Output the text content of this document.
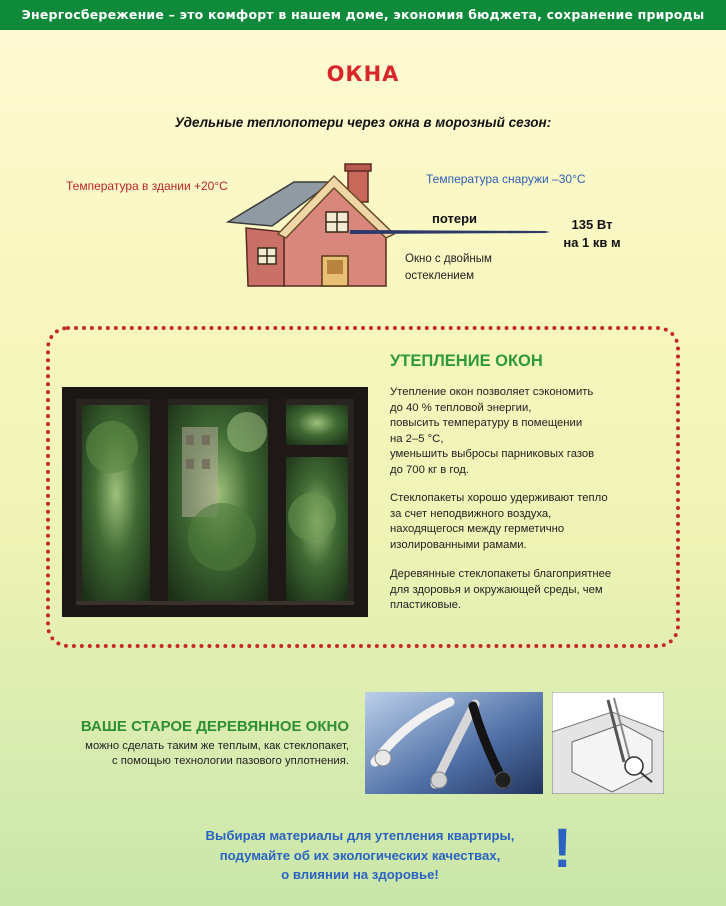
Энергосбережение – это комфорт в нашем доме, экономия бюджета, сохранение природы
ОКНА
Удельные теплопотери через окна в морозный сезон:
Температура в здании +20°С	Температура снаружи –30°С
потери	135 Вт
на 1 кв м
Окно с двойным
остеклением
УТЕПЛЕНИЕ ОКОН
Утепление окон позволяет сэкономить
до 40 % тепловой энергии,
повысить температуру в помещении
на 2–5 °С,
уменьшить выбросы парниковых газов
до 700 кг в год.
Стеклопакеты хорошо удерживают тепло
за счет неподвижного воздуха,
находящегося между герметично
изолированными рамами.
Деревянные стеклопакеты благоприятнее
для здоровья и окружающей среды, чем
пластиковые.
ВАШЕ СТАРОЕ ДЕРЕВЯННОЕ ОКНО
можно сделать таким же теплым, как стеклопакет,
с помощью технологии пазового уплотнения.
Выбирая материалы для утепления квартиры,
подумайте об их экологических качествах,
о влиянии на здоровье!	!
